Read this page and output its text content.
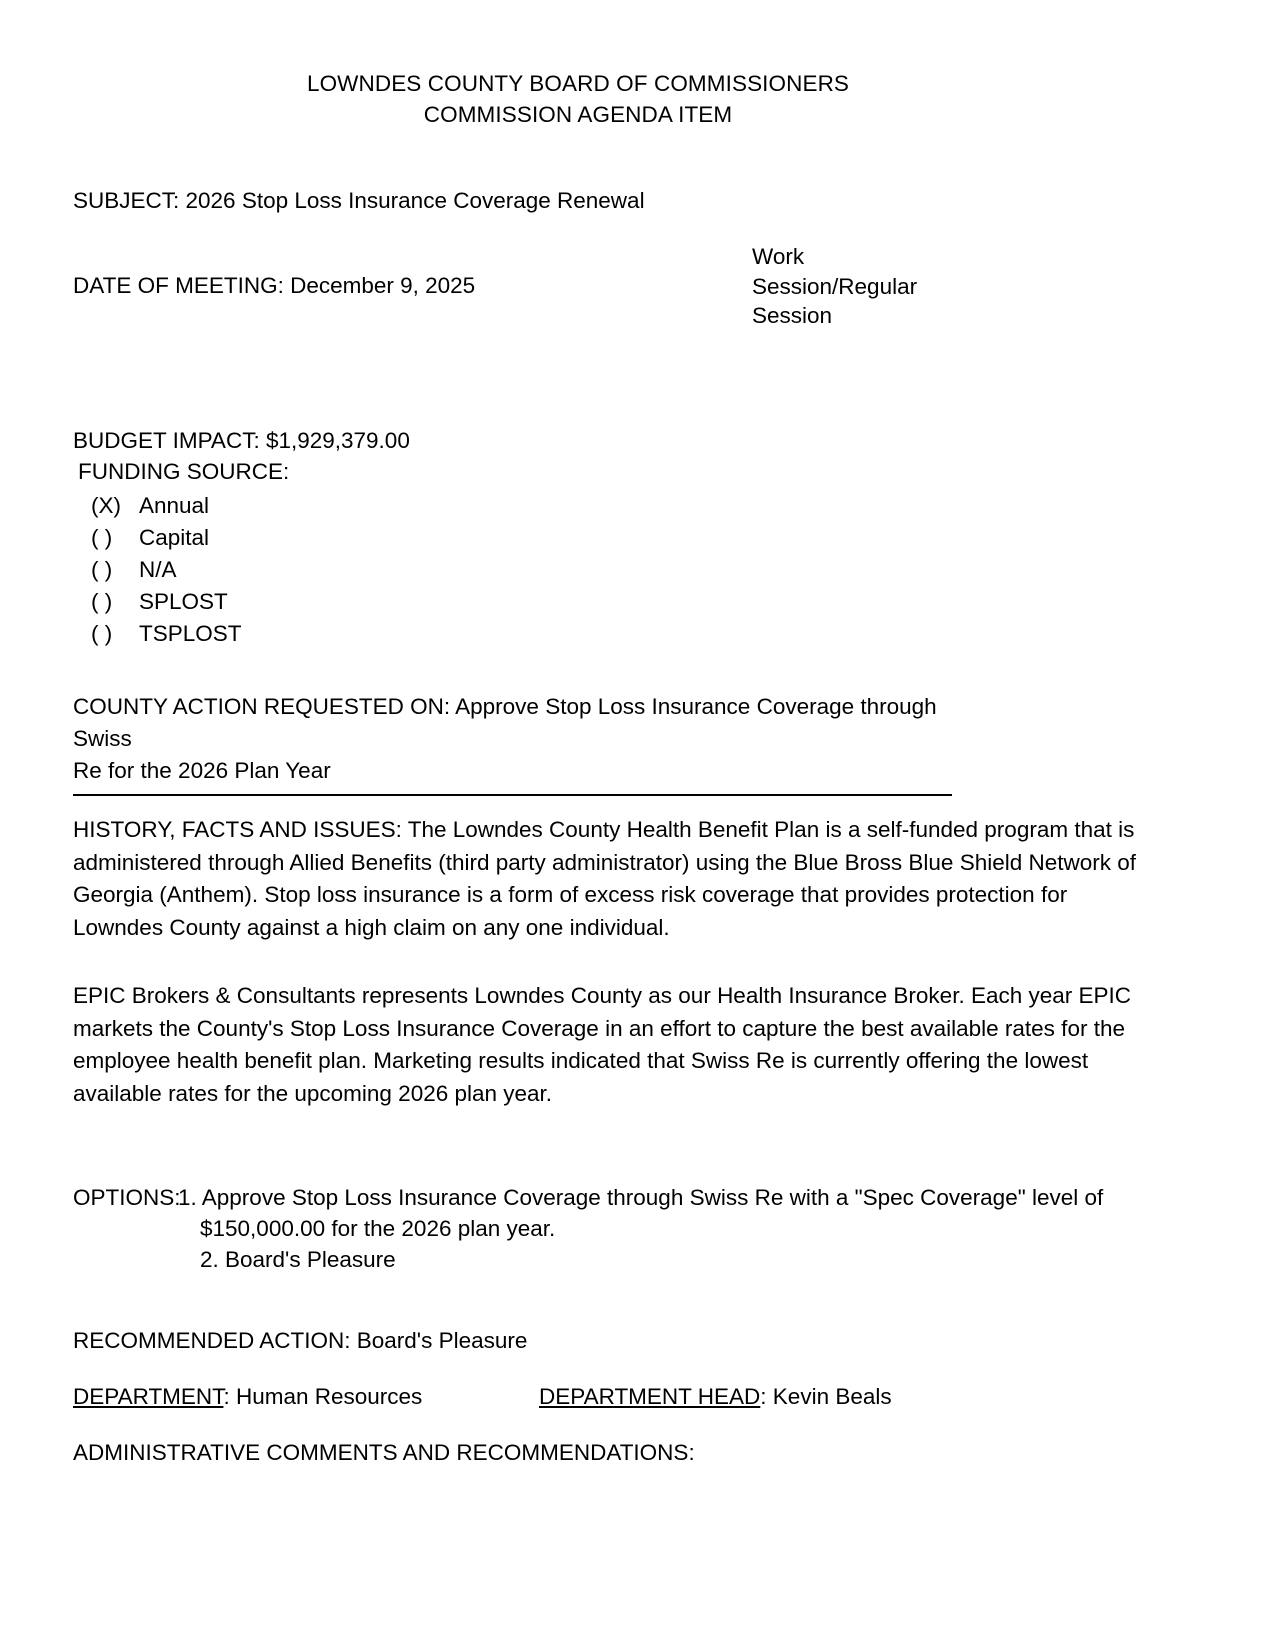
LOWNDES COUNTY BOARD OF COMMISSIONERS
COMMISSION AGENDA ITEM
SUBJECT: 2026 Stop Loss Insurance Coverage Renewal
DATE OF MEETING: December 9, 2025
Work
Session/Regular
Session
BUDGET IMPACT: $1,929,379.00
FUNDING SOURCE:
(X) Annual
( ) Capital
( ) N/A
( ) SPLOST
( ) TSPLOST
COUNTY ACTION REQUESTED ON: Approve Stop Loss Insurance Coverage through Swiss
Re for the 2026 Plan Year
HISTORY, FACTS AND ISSUES: The Lowndes County Health Benefit Plan is a self-funded program that is administered through Allied Benefits (third party administrator) using the Blue Bross Blue Shield Network of Georgia (Anthem). Stop loss insurance is a form of excess risk coverage that provides protection for Lowndes County against a high claim on any one individual.
EPIC Brokers & Consultants represents Lowndes County as our Health Insurance Broker. Each year EPIC markets the County's Stop Loss Insurance Coverage in an effort to capture the best available rates for the employee health benefit plan. Marketing results indicated that Swiss Re is currently offering the lowest available rates for the upcoming 2026 plan year.
OPTIONS:
1. Approve Stop Loss Insurance Coverage through Swiss Re with a "Spec Coverage" level of
$150,000.00 for the 2026 plan year.
2. Board's Pleasure
RECOMMENDED ACTION: Board's Pleasure
DEPARTMENT: Human Resources	DEPARTMENT HEAD: Kevin Beals
ADMINISTRATIVE COMMENTS AND RECOMMENDATIONS:
